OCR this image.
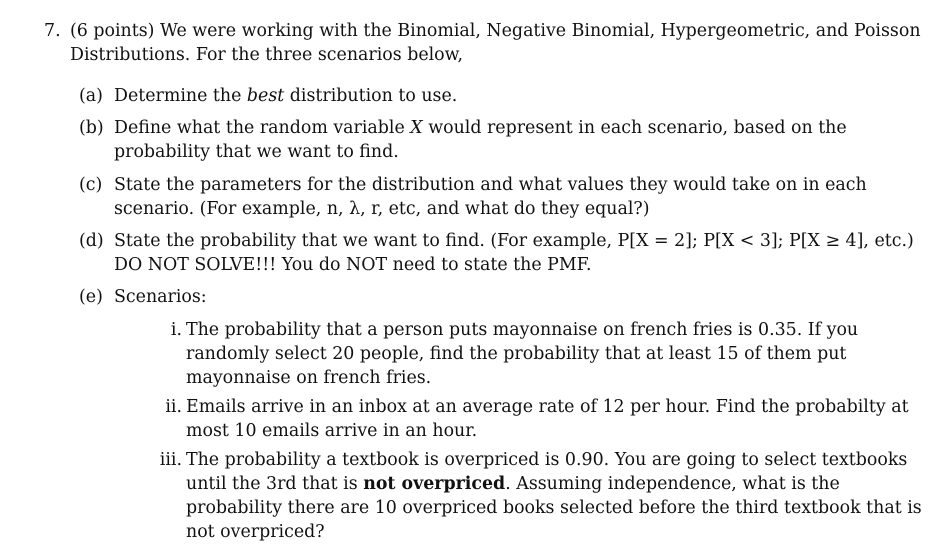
7. (6 points) We were working with the Binomial, Negative Binomial, Hypergeometric, and Poisson Distributions. For the three scenarios below,
(a) Determine the best distribution to use.

(b) Define what the random variable X would represent in each scenario, based on the probability that we want to find.

(c) State the parameters for the distribution and what values they would take on in each scenario. (For example, n, λ, r, etc, and what do they equal?)

(d) State the probability that we want to find. (For example, P[X = 2]; P[X < 3]; P[X ≥ 4], etc.) DO NOT SOLVE!!! You do NOT need to state the PMF.

(e) Scenarios:

i. The probability that a person puts mayonnaise on french fries is 0.35. If you randomly select 20 people, find the probability that at least 15 of them put mayonnaise on french fries.

ii. Emails arrive in an inbox at an average rate of 12 per hour. Find the probabilty at most 10 emails arrive in an hour.

iii. The probability a textbook is overpriced is 0.90. You are going to select textbooks until the 3rd that is not overpriced. Assuming independence, what is the probability there are 10 overpriced books selected before the third textbook that is not overpriced?
